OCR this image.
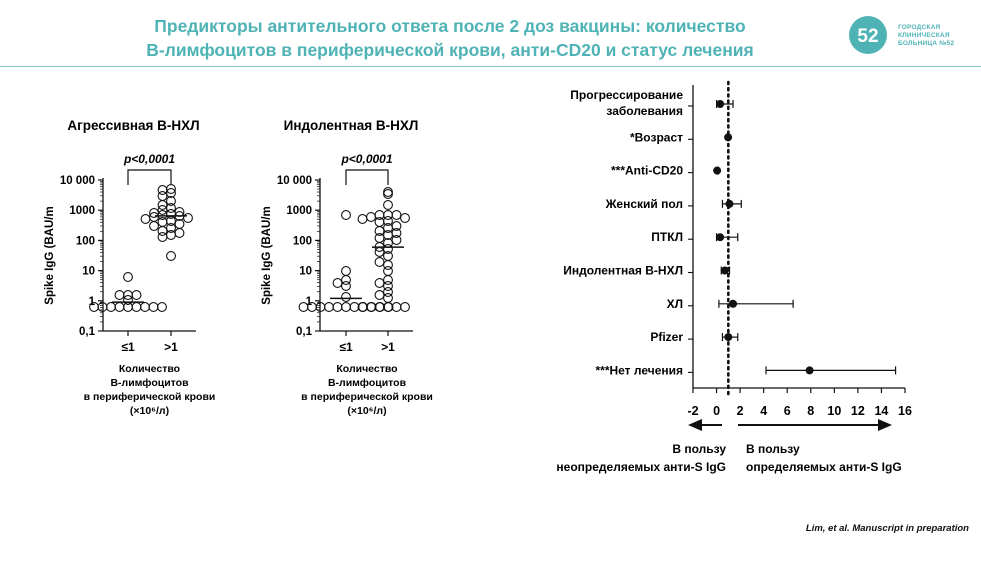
Предикторы антительного ответа после 2 доз вакцины: количество
B-лимфоцитов в периферической крови, анти-CD20 и статус лечения
52	ГОРОДСКАЯ
КЛИНИЧЕСКАЯ
БОЛЬНИЦА №52
Агрессивная B-НХЛ
0,1
1
10
100
1000
10 000
Spike IgG (BAU/m
≤1 >1
Количество
B-лимфоцитов
в периферической крови
(×10⁶/л)
p<0,0001
Индолентная B-НХЛ
0,1
1
10
100
1000
10 000
Spike IgG (BAU/m
≤1 >1
Количество
B-лимфоцитов
в периферической крови
(×10⁶/л)
p<0,0001
-2 0 2 4 6 8 10 12 14 16
Прогрессирование
заболевания
*Возраст
***Anti-CD20
Женский пол
ПТКЛ
Индолентная B-НХЛ
ХЛ
Pfizer
***Нет лечения
В пользу
неопределяемых анти-S IgG
В пользу
определяемых анти-S IgG
Lim, et al. Manuscript in preparation
